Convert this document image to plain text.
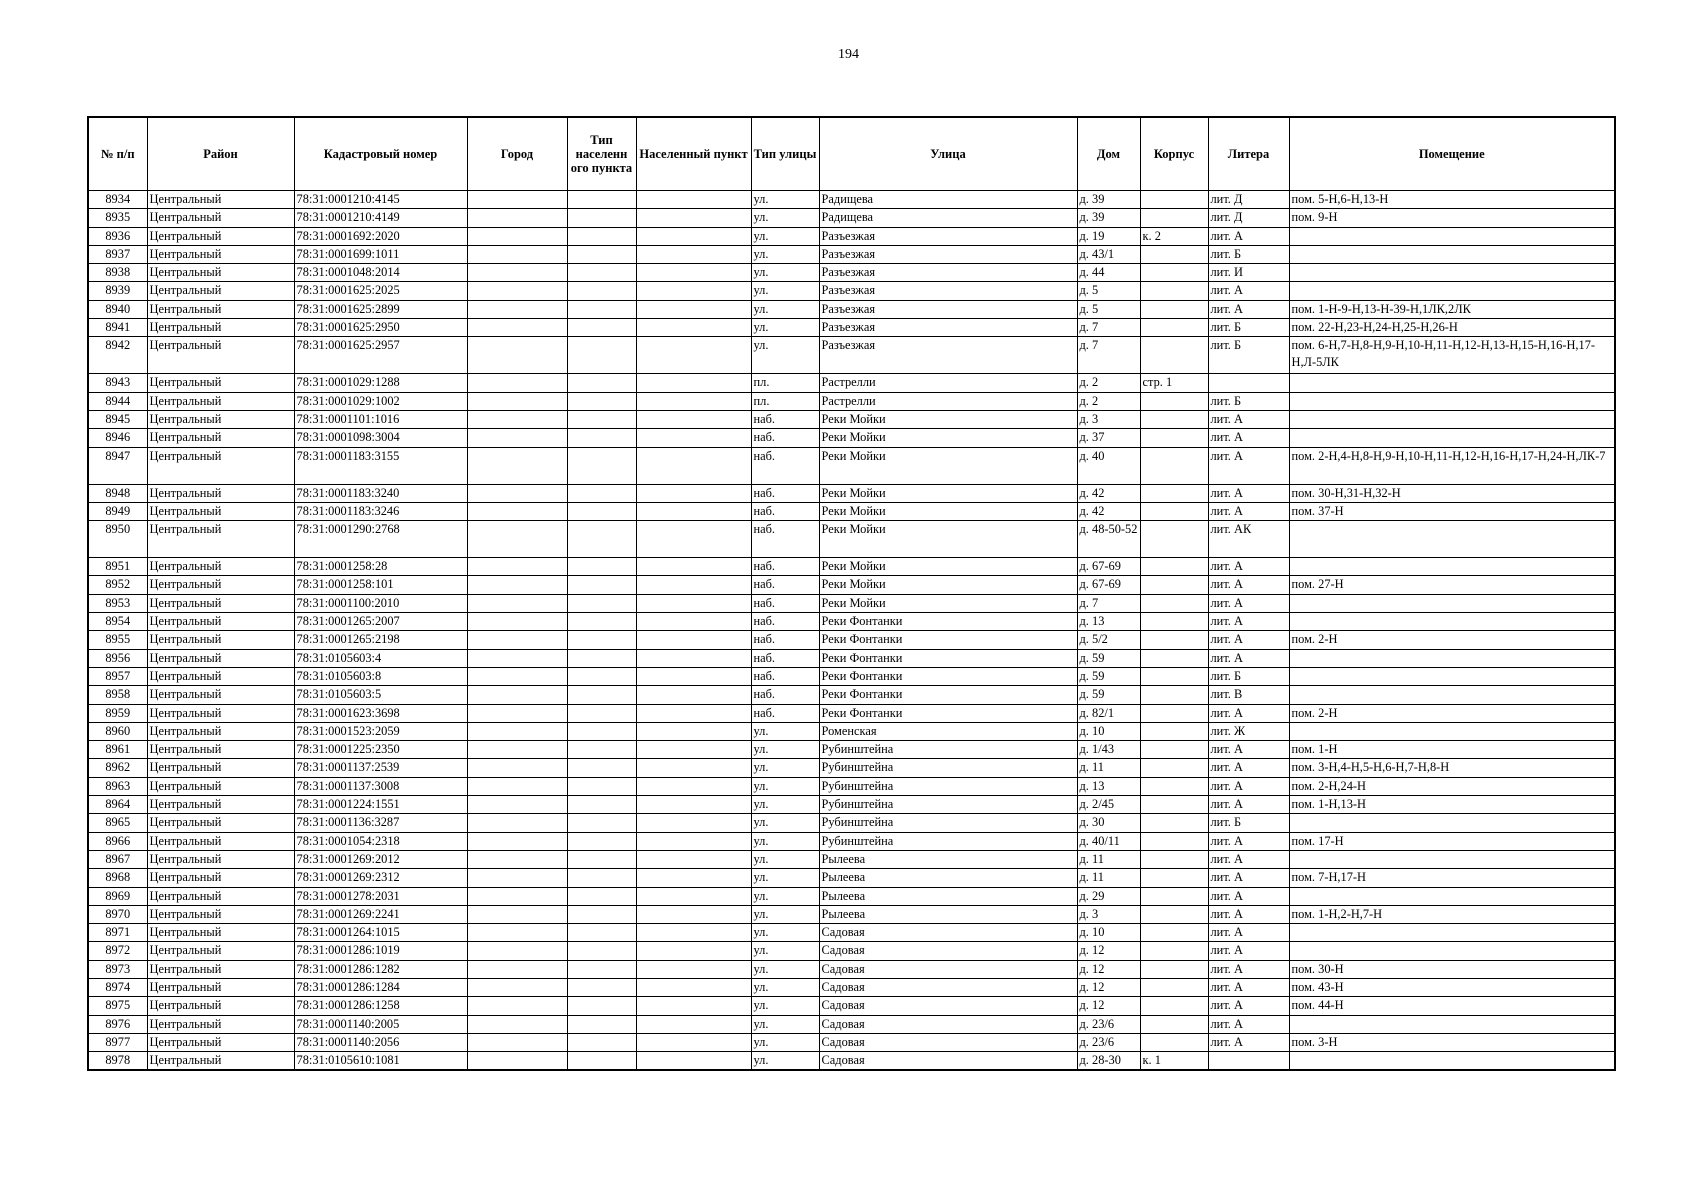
194
№ п/п	Район	Кадастровый номер	Город	Тип населенн ого пункта	Населенный пункт	Тип улицы	Улица	Дом	Корпус	Литера	Помещение
8934	Центральный	78:31:0001210:4145				ул.	Радищева	д. 39		лит. Д	пом. 5-Н,6-Н,13-Н
8935	Центральный	78:31:0001210:4149				ул.	Радищева	д. 39		лит. Д	пом. 9-Н
8936	Центральный	78:31:0001692:2020				ул.	Разъезжая	д. 19	к. 2	лит. А	
8937	Центральный	78:31:0001699:1011				ул.	Разъезжая	д. 43/1		лит. Б	
8938	Центральный	78:31:0001048:2014				ул.	Разъезжая	д. 44		лит. И	
8939	Центральный	78:31:0001625:2025				ул.	Разъезжая	д. 5		лит. А	
8940	Центральный	78:31:0001625:2899				ул.	Разъезжая	д. 5		лит. А	пом. 1-Н-9-Н,13-Н-39-Н,1ЛК,2ЛК
8941	Центральный	78:31:0001625:2950				ул.	Разъезжая	д. 7		лит. Б	пом. 22-Н,23-Н,24-Н,25-Н,26-Н
8942	Центральный	78:31:0001625:2957				ул.	Разъезжая	д. 7		лит. Б	пом. 6-Н,7-Н,8-Н,9-Н,10-Н,11-Н,12-Н,13-Н,15-Н,16-Н,17-Н,Л-5ЛК
8943	Центральный	78:31:0001029:1288				пл.	Растрелли	д. 2	стр. 1		
8944	Центральный	78:31:0001029:1002				пл.	Растрелли	д. 2		лит. Б	
8945	Центральный	78:31:0001101:1016				наб.	Реки Мойки	д. 3		лит. А	
8946	Центральный	78:31:0001098:3004				наб.	Реки Мойки	д. 37		лит. А	
8947	Центральный	78:31:0001183:3155				наб.	Реки Мойки	д. 40		лит. А	пом. 2-Н,4-Н,8-Н,9-Н,10-Н,11-Н,12-Н,16-Н,17-Н,24-Н,ЛК-7
8948	Центральный	78:31:0001183:3240				наб.	Реки Мойки	д. 42		лит. А	пом. 30-Н,31-Н,32-Н
8949	Центральный	78:31:0001183:3246				наб.	Реки Мойки	д. 42		лит. А	пом. 37-Н
8950	Центральный	78:31:0001290:2768				наб.	Реки Мойки	д. 48-50-52		лит. АК	
8951	Центральный	78:31:0001258:28				наб.	Реки Мойки	д. 67-69		лит. А	
8952	Центральный	78:31:0001258:101				наб.	Реки Мойки	д. 67-69		лит. А	пом. 27-Н
8953	Центральный	78:31:0001100:2010				наб.	Реки Мойки	д. 7		лит. А	
8954	Центральный	78:31:0001265:2007				наб.	Реки Фонтанки	д. 13		лит. А	
8955	Центральный	78:31:0001265:2198				наб.	Реки Фонтанки	д. 5/2		лит. А	пом. 2-Н
8956	Центральный	78:31:0105603:4				наб.	Реки Фонтанки	д. 59		лит. А	
8957	Центральный	78:31:0105603:8				наб.	Реки Фонтанки	д. 59		лит. Б	
8958	Центральный	78:31:0105603:5				наб.	Реки Фонтанки	д. 59		лит. В	
8959	Центральный	78:31:0001623:3698				наб.	Реки Фонтанки	д. 82/1		лит. А	пом. 2-Н
8960	Центральный	78:31:0001523:2059				ул.	Роменская	д. 10		лит. Ж	
8961	Центральный	78:31:0001225:2350				ул.	Рубинштейна	д. 1/43		лит. А	пом. 1-Н
8962	Центральный	78:31:0001137:2539				ул.	Рубинштейна	д. 11		лит. А	пом. 3-Н,4-Н,5-Н,6-Н,7-Н,8-Н
8963	Центральный	78:31:0001137:3008				ул.	Рубинштейна	д. 13		лит. А	пом. 2-Н,24-Н
8964	Центральный	78:31:0001224:1551				ул.	Рубинштейна	д. 2/45		лит. А	пом. 1-Н,13-Н
8965	Центральный	78:31:0001136:3287				ул.	Рубинштейна	д. 30		лит. Б	
8966	Центральный	78:31:0001054:2318				ул.	Рубинштейна	д. 40/11		лит. А	пом. 17-Н
8967	Центральный	78:31:0001269:2012				ул.	Рылеева	д. 11		лит. А	
8968	Центральный	78:31:0001269:2312				ул.	Рылеева	д. 11		лит. А	пом. 7-Н,17-Н
8969	Центральный	78:31:0001278:2031				ул.	Рылеева	д. 29		лит. А	
8970	Центральный	78:31:0001269:2241				ул.	Рылеева	д. 3		лит. А	пом. 1-Н,2-Н,7-Н
8971	Центральный	78:31:0001264:1015				ул.	Садовая	д. 10		лит. А	
8972	Центральный	78:31:0001286:1019				ул.	Садовая	д. 12		лит. А	
8973	Центральный	78:31:0001286:1282				ул.	Садовая	д. 12		лит. А	пом. 30-Н
8974	Центральный	78:31:0001286:1284				ул.	Садовая	д. 12		лит. А	пом. 43-Н
8975	Центральный	78:31:0001286:1258				ул.	Садовая	д. 12		лит. А	пом. 44-Н
8976	Центральный	78:31:0001140:2005				ул.	Садовая	д. 23/6		лит. А	
8977	Центральный	78:31:0001140:2056				ул.	Садовая	д. 23/6		лит. А	пом. 3-Н
8978	Центральный	78:31:0105610:1081				ул.	Садовая	д. 28-30	к. 1		
